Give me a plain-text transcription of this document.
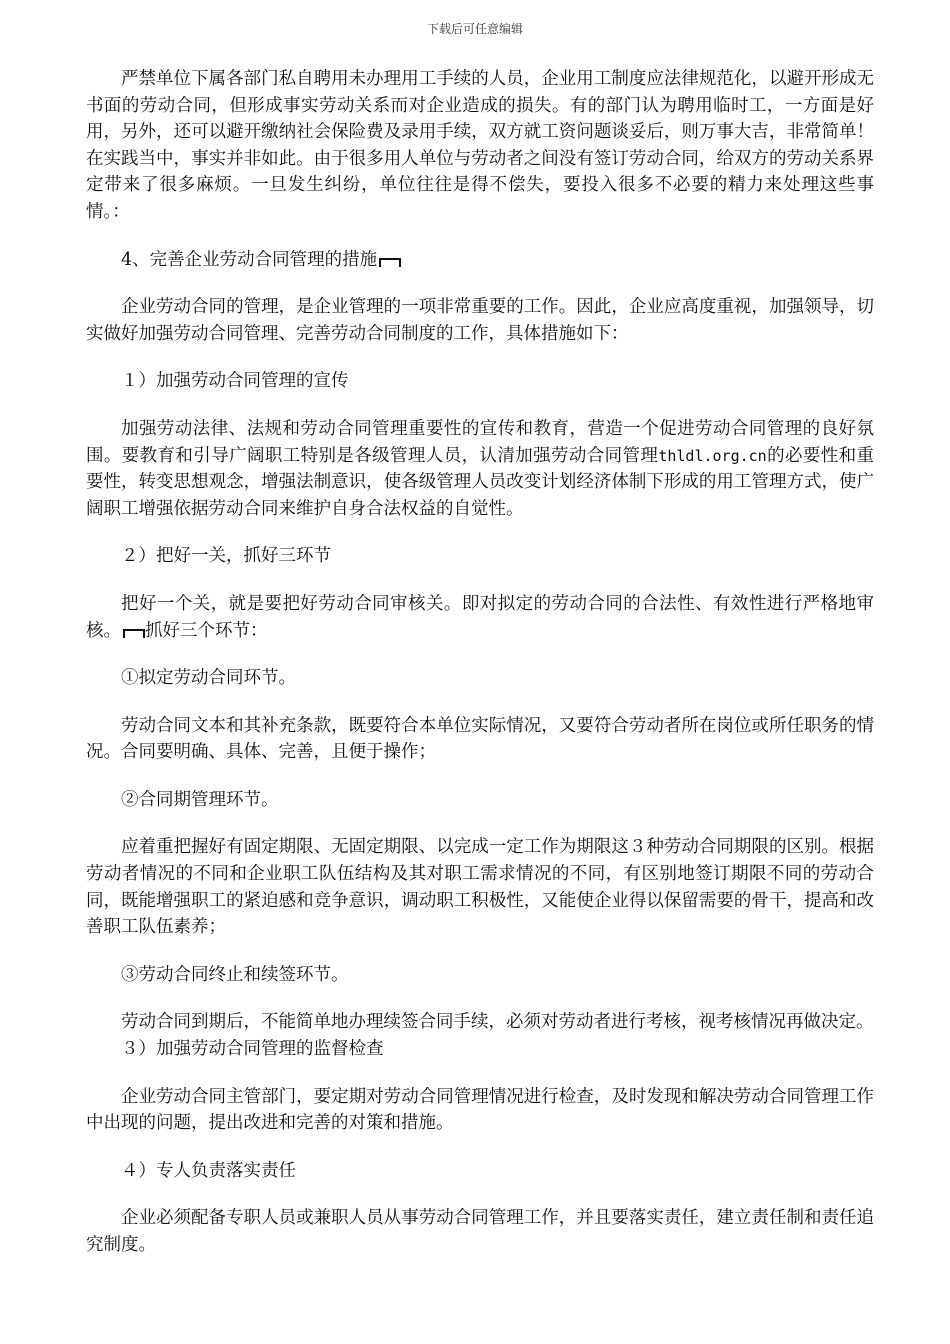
下载后可任意编辑

严禁单位下属各部门私自聘用未办理用工手续的人员，企业用工制度应法律规范化，以避开形成无书面的劳动合同，但形成事实劳动关系而对企业造成的损失。有的部门认为聘用临时工，一方面是好用，另外，还可以避开缴纳社会保险费及录用手续，双方就工资问题谈妥后，则万事大吉，非常简单！在实践当中，事实并非如此。由于很多用人单位与劳动者之间没有签订劳动合同，给双方的劳动关系界定带来了很多麻烦。一旦发生纠纷，单位往往是得不偿失，要投入很多不必要的精力来处理这些事情。：

4、完善企业劳动合同管理的措施

企业劳动合同的管理，是企业管理的一项非常重要的工作。因此，企业应高度重视，加强领导，切实做好加强劳动合同管理、完善劳动合同制度的工作，具体措施如下：

１）加强劳动合同管理的宣传

加强劳动法律、法规和劳动合同管理重要性的宣传和教育，营造一个促进劳动合同管理的良好氛围。要教育和引导广阔职工特别是各级管理人员，认清加强劳动合同管理thldl.org.cn的必要性和重要性，转变思想观念，增强法制意识，使各级管理人员改变计划经济体制下形成的用工管理方式，使广阔职工增强依据劳动合同来维护自身合法权益的自觉性。

２）把好一关，抓好三环节

把好一个关，就是要把好劳动合同审核关。即对拟定的劳动合同的合法性、有效性进行严格地审核。 抓好三个环节：

①拟定劳动合同环节。

劳动合同文本和其补充条款，既要符合本单位实际情况，又要符合劳动者所在岗位或所任职务的情况。合同要明确、具体、完善，且便于操作；

②合同期管理环节。

应着重把握好有固定期限、无固定期限、以完成一定工作为期限这３种劳动合同期限的区别。根据劳动者情况的不同和企业职工队伍结构及其对职工需求情况的不同，有区别地签订期限不同的劳动合同，既能增强职工的紧迫感和竞争意识，调动职工积极性，又能使企业得以保留需要的骨干，提高和改善职工队伍素养；

③劳动合同终止和续签环节。

劳动合同到期后，不能简单地办理续签合同手续，必须对劳动者进行考核，视考核情况再做决定。

３）加强劳动合同管理的监督检查

企业劳动合同主管部门，要定期对劳动合同管理情况进行检查，及时发现和解决劳动合同管理工作中出现的问题，提出改进和完善的对策和措施。

４）专人负责落实责任

企业必须配备专职人员或兼职人员从事劳动合同管理工作，并且要落实责任，建立责任制和责任追究制度。
